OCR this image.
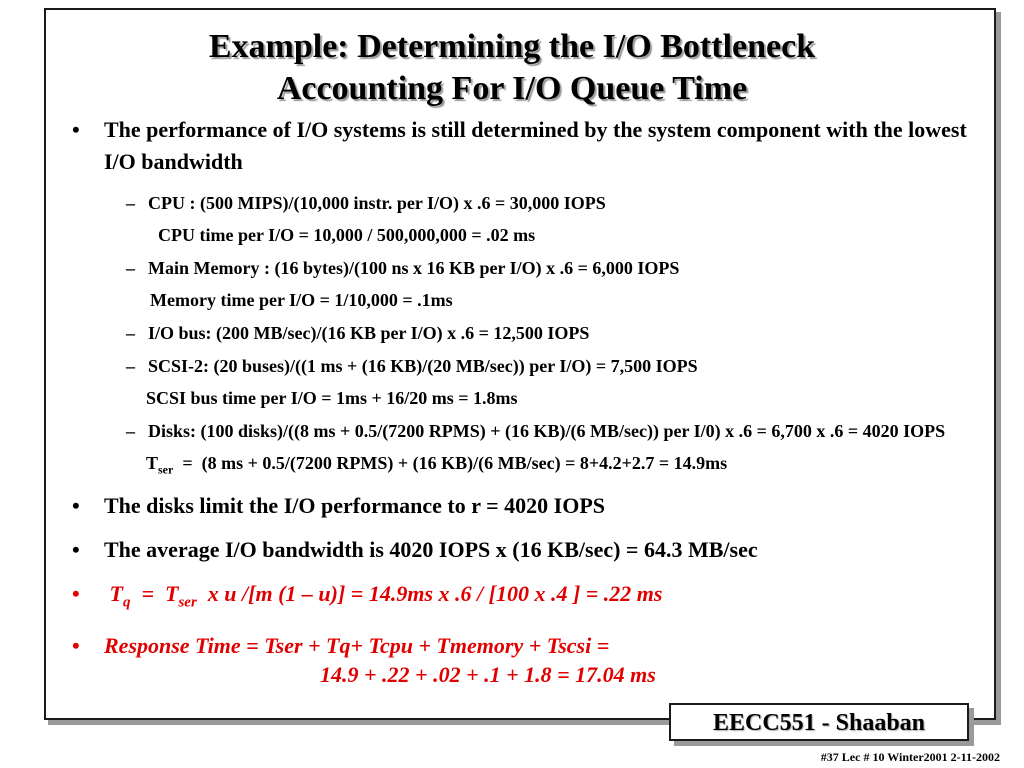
Example: Determining the I/O Bottleneck
Accounting For I/O Queue Time
• The performance of I/O systems is still determined by the system component with the lowest I/O bandwidth
– CPU : (500 MIPS)/(10,000 instr. per I/O) x .6 = 30,000 IOPS
CPU time per I/O = 10,000 / 500,000,000 = .02 ms
– Main Memory : (16 bytes)/(100 ns x 16 KB per I/O) x .6 = 6,000 IOPS
Memory time per I/O = 1/10,000 = .1ms
– I/O bus: (200 MB/sec)/(16 KB per I/O) x .6 = 12,500 IOPS
– SCSI-2: (20 buses)/((1 ms + (16 KB)/(20 MB/sec)) per I/O) = 7,500 IOPS
SCSI bus time per I/O = 1ms + 16/20 ms = 1.8ms
– Disks: (100 disks)/((8 ms + 0.5/(7200 RPMS) + (16 KB)/(6 MB/sec)) per I/0) x .6 = 6,700 x .6 = 4020 IOPS
$T_{ser} = (8$ ms + 0.5/(7200 RPMS) + (16 KB)/(6 MB/sec) = 8+4.2+2.7 = 14.9ms
• The disks limit the I/O performance to r = 4020 IOPS
• The average I/O bandwidth is 4020 IOPS x (16 KB/sec) = 64.3 MB/sec
• $T_q = T_{ser}$ x u /[m (1 – u)] = 14.9ms x .6 / [100 x .4 ] = .22 ms
• Response Time = Tser + Tq+ Tcpu + Tmemory + Tscsi =
14.9 + .22 + .02 + .1 + 1.8 = 17.04 ms
EECC551 - Shaaban
#37 Lec # 10 Winter2001 2-11-2002
